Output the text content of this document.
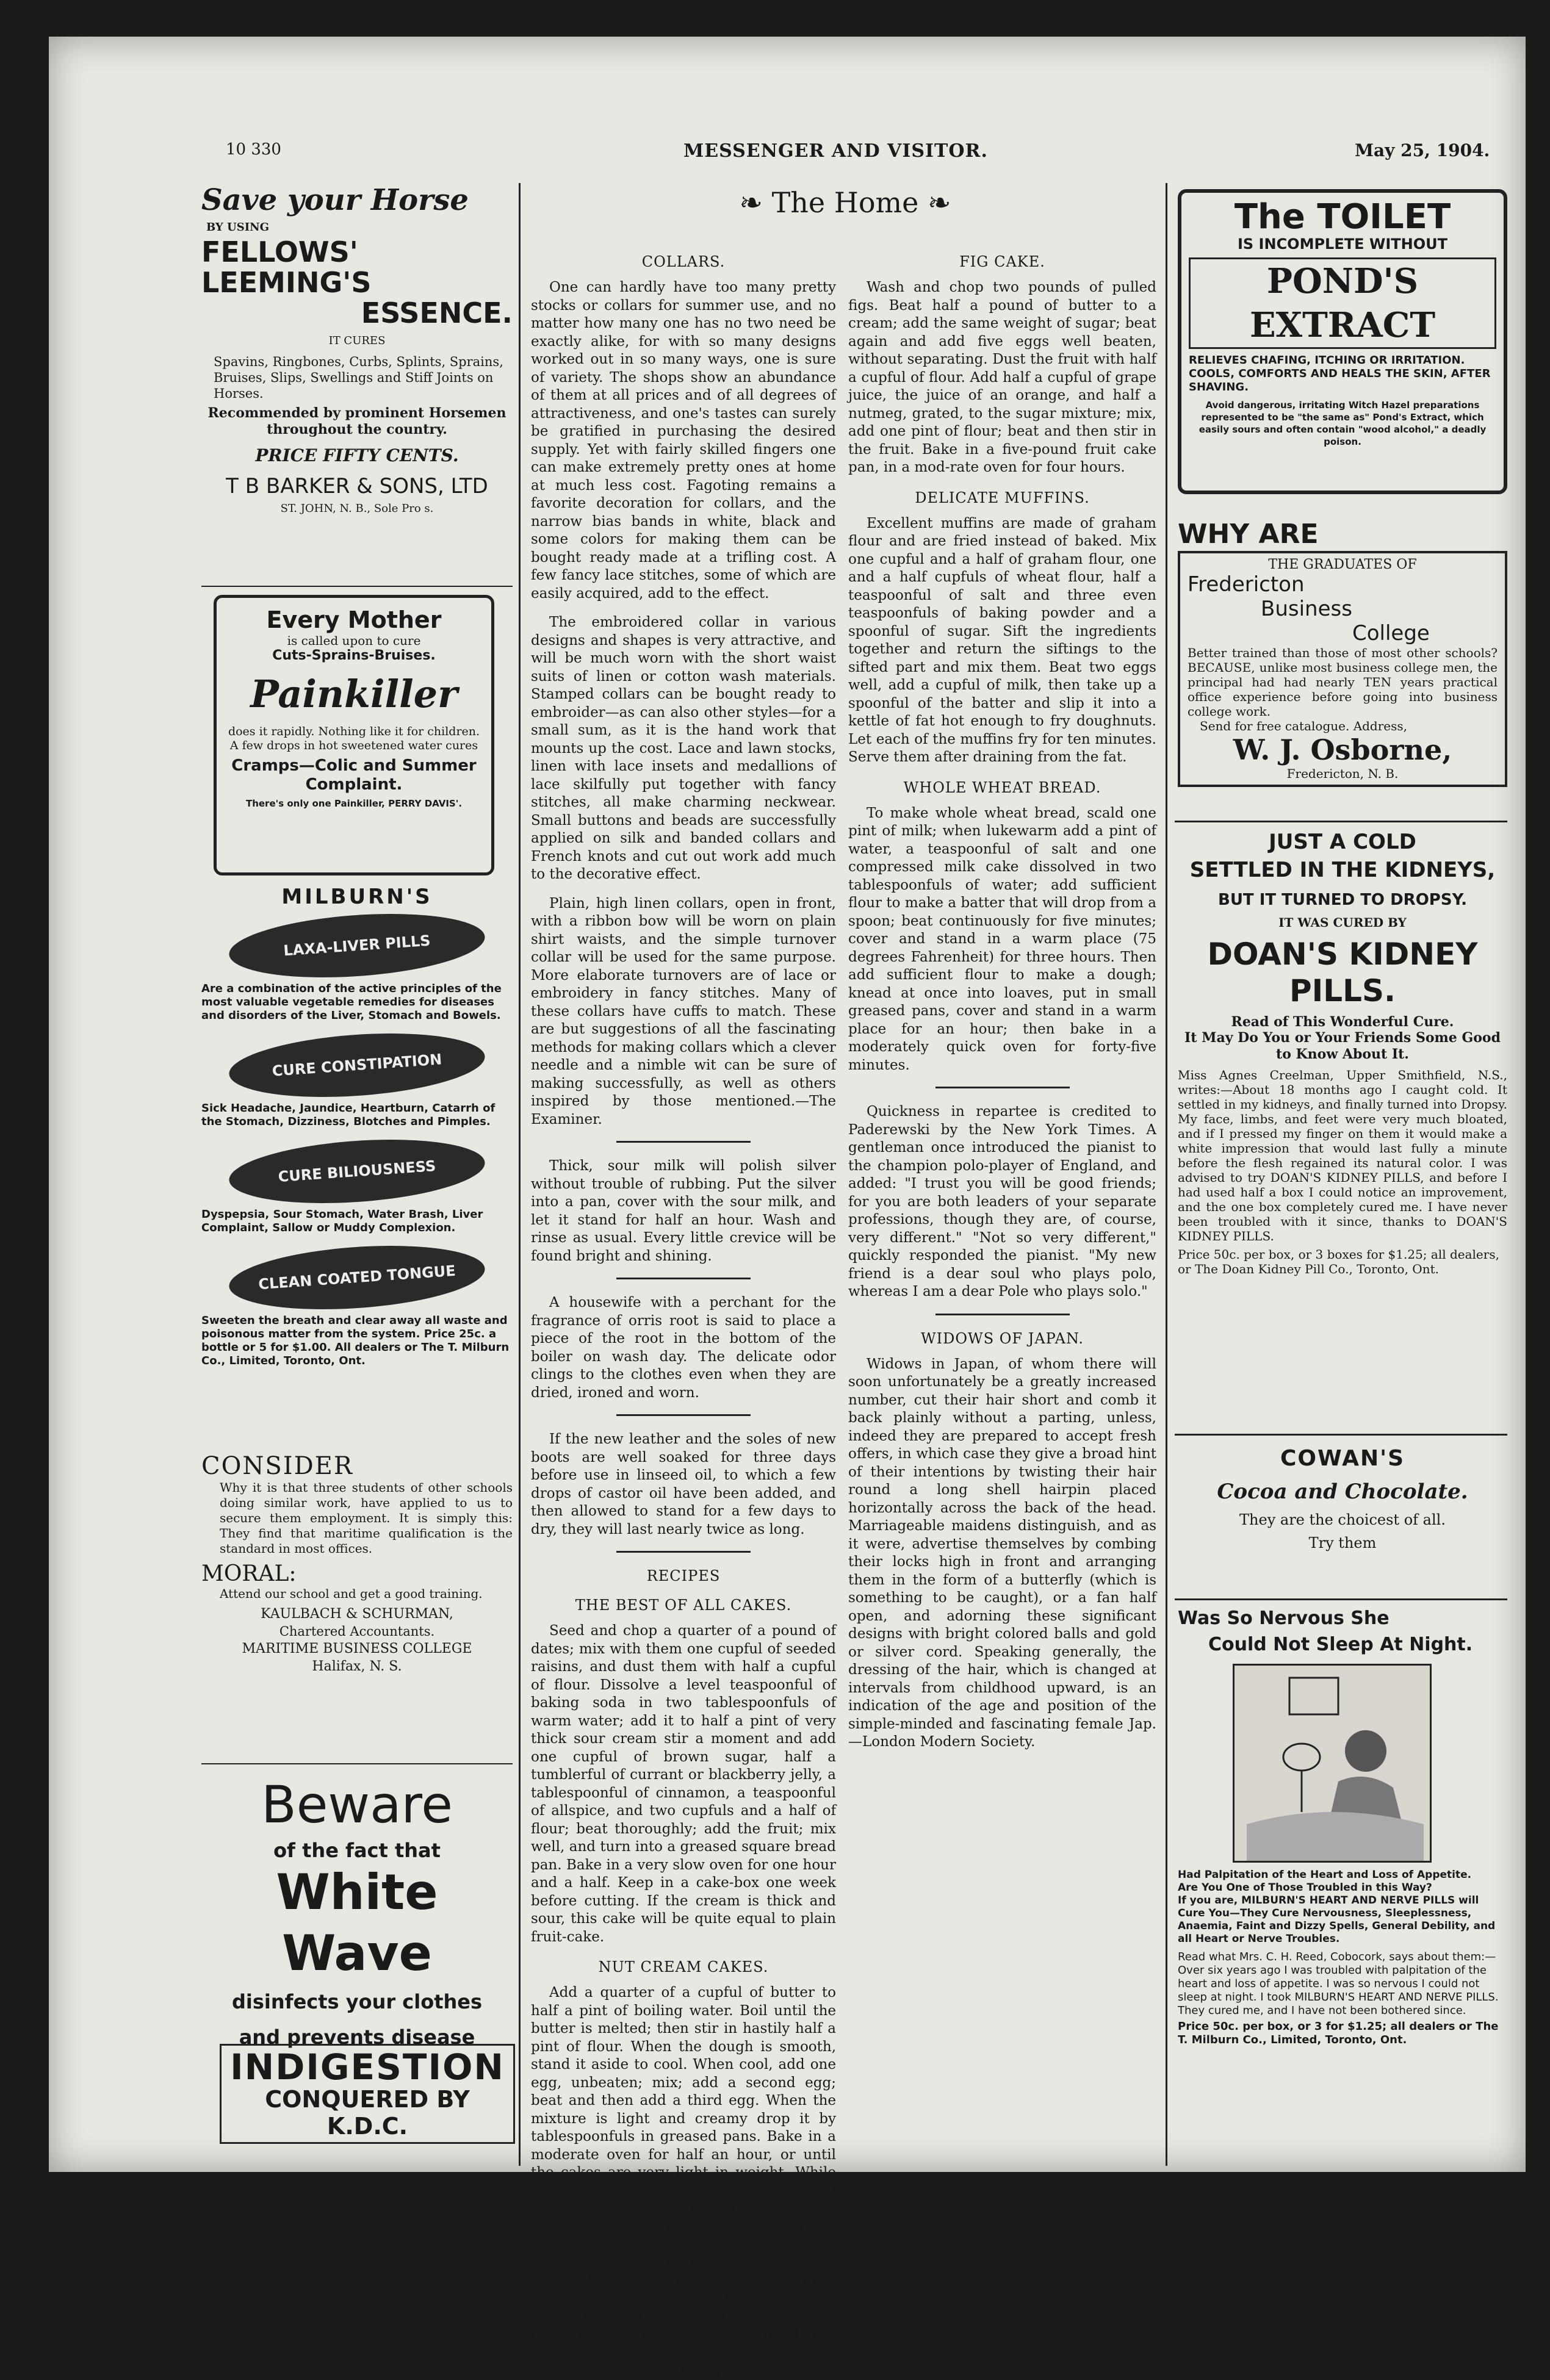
10 330	MESSENGER AND VISITOR.	May 25, 1904.
❧ The Home ❧
COLLARS.

One can hardly have too many pretty stocks or collars for summer use, and no matter how many one has no two need be exactly alike, for with so many designs worked out in so many ways, one is sure of variety. The shops show an abundance of them at all prices and of all degrees of attractiveness, and one's tastes can surely be gratified in purchasing the desired supply. Yet with fairly skilled fingers one can make extremely pretty ones at home at much less cost. Fagoting remains a favorite decoration for collars, and the narrow bias bands in white, black and some colors for making them can be bought ready made at a trifling cost. A few fancy lace stitches, some of which are easily acquired, add to the effect.

The embroidered collar in various designs and shapes is very attractive, and will be much worn with the short waist suits of linen or cotton wash materials. Stamped collars can be bought ready to embroider—as can also other styles—for a small sum, as it is the hand work that mounts up the cost. Lace and lawn stocks, linen with lace insets and medallions of lace skilfully put together with fancy stitches, all make charming neckwear. Small buttons and beads are successfully applied on silk and banded collars and French knots and cut out work add much to the decorative effect.

Plain, high linen collars, open in front, with a ribbon bow will be worn on plain shirt waists, and the simple turnover collar will be used for the same purpose. More elaborate turnovers are of lace or embroidery in fancy stitches. Many of these collars have cuffs to match. These are but suggestions of all the fascinating methods for making collars which a clever needle and a nimble wit can be sure of making successfully, as well as others inspired by those mentioned.—The Examiner.

Thick, sour milk will polish silver without trouble of rubbing. Put the silver into a pan, cover with the sour milk, and let it stand for half an hour. Wash and rinse as usual. Every little crevice will be found bright and shining.

A housewife with a perchant for the fragrance of orris root is said to place a piece of the root in the bottom of the boiler on wash day. The delicate odor clings to the clothes even when they are dried, ironed and worn.

If the new leather and the soles of new boots are well soaked for three days before use in linseed oil, to which a few drops of castor oil have been added, and then allowed to stand for a few days to dry, they will last nearly twice as long.

RECIPES
THE BEST OF ALL CAKES.

Seed and chop a quarter of a pound of dates; mix with them one cupful of seeded raisins, and dust them with half a cupful of flour. Dissolve a level teaspoonful of baking soda in two tablespoonfuls of warm water; add it to half a pint of very thick sour cream stir a moment and add one cupful of brown sugar, half a tumblerful of currant or blackberry jelly, a tablespoonful of cinnamon, a teaspoonful of allspice, and two cupfuls and a half of flour; beat thoroughly; add the fruit; mix well, and turn into a greased square bread pan. Bake in a very slow oven for one hour and a half. Keep in a cake-box one week before cutting. If the cream is thick and sour, this cake will be quite equal to plain fruit-cake.

NUT CREAM CAKES.

Add a quarter of a cupful of butter to half a pint of boiling water. Boil until the butter is melted; then stir in hastily half a pint of flour. When the dough is smooth, stand it aside to cool. When cool, add one egg, unbeaten; mix; add a second egg; beat and then add a third egg. When the mixture is light and creamy drop it by tablespoonfuls in greased pans. Bake in a moderate oven for half an hour, or until the cakes are very light in weight. While they are baking beat a quarter of a cupful of butter and half a cupful of powdered sugar until very light; add the yolk of one egg; beat, and stir in half a cupful of mixed chopped nuts. When the cakes are cool make an incision at one side and put in a teaspoonful of the nut mixture. Dust the cake with powdered sugar. These must be used the day they are filled. The cakes may be kept a day or two, but must be rewarmed before filling.

FIG CAKE.

Wash and chop two pounds of pulled figs. Beat half a pound of butter to a cream; add the same weight of sugar; beat again and add five eggs well beaten, without separating. Dust the fruit with half a cupful of flour. Add half a cupful of grape juice, the juice of an orange, and half a nutmeg, grated, to the sugar mixture; mix, add one pint of flour; beat and then stir in the fruit. Bake in a five-pound fruit cake pan, in a mod-rate oven for four hours.

DELICATE MUFFINS.

Excellent muffins are made of graham flour and are fried instead of baked. Mix one cupful and a half of graham flour, one and a half cupfuls of wheat flour, half a teaspoonful of salt and three even teaspoonfuls of baking powder and a spoonful of sugar. Sift the ingredients together and return the siftings to the sifted part and mix them. Beat two eggs well, add a cupful of milk, then take up a spoonful of the batter and slip it into a kettle of fat hot enough to fry doughnuts. Let each of the muffins fry for ten minutes. Serve them after draining from the fat.

WHOLE WHEAT BREAD.

To make whole wheat bread, scald one pint of milk; when lukewarm add a pint of water, a teaspoonful of salt and one compressed milk cake dissolved in two tablespoonfuls of water; add sufficient flour to make a batter that will drop from a spoon; beat continuously for five minutes; cover and stand in a warm place (75 degrees Fahrenheit) for three hours. Then add sufficient flour to make a dough; knead at once into loaves, put in small greased pans, cover and stand in a warm place for an hour; then bake in a moderately quick oven for forty-five minutes.

Quickness in repartee is credited to Paderewski by the New York Times. A gentleman once introduced the pianist to the champion polo-player of England, and added: "I trust you will be good friends; for you are both leaders of your separate professions, though they are, of course, very different." "Not so very different," quickly responded the pianist. "My new friend is a dear soul who plays polo, whereas I am a dear Pole who plays solo."

WIDOWS OF JAPAN.

Widows in Japan, of whom there will soon unfortunately be a greatly increased number, cut their hair short and comb it back plainly without a parting, unless, indeed they are prepared to accept fresh offers, in which case they give a broad hint of their intentions by twisting their hair round a long shell hairpin placed horizontally across the back of the head. Marriageable maidens distinguish, and as it were, advertise themselves by combing their locks high in front and arranging them in the form of a butterfly (which is something to be caught), or a fan half open, and adorning these significant designs with bright colored balls and gold or silver cord. Speaking generally, the dressing of the hair, which is changed at intervals from childhood upward, is an indication of the age and position of the simple-minded and fascinating female Jap.—London Modern Society.

Save your Horse
BY USING
FELLOWS'
LEEMING'S
ESSENCE.
IT CURES
Spavins, Ringbones, Curbs, Splints, Sprains, Bruises, Slips, Swellings and Stiff Joints on Horses.
Recommended by prominent Horsemen throughout the country.
PRICE FIFTY CENTS.
T B BARKER & SONS, LTD
ST. JOHN, N. B., Sole Pro s.
Every Mother
is called upon to cure
Cuts-Sprains-Bruises.
Painkiller
does it rapidly. Nothing like it for children. A few drops in hot sweetened water cures
Cramps—Colic and Summer Complaint.
There's only one Painkiller, PERRY DAVIS'.
MILBURN'S
LAXA-LIVER PILLS
Are a combination of the active principles of the most valuable vegetable remedies for diseases and disorders of the Liver, Stomach and Bowels.
CURE CONSTIPATION
Sick Headache, Jaundice, Heartburn, Catarrh of the Stomach, Dizziness, Blotches and Pimples.
CURE BILIOUSNESS
Dyspepsia, Sour Stomach, Water Brash, Liver Complaint, Sallow or Muddy Complexion.
CLEAN COATED TONGUE
Sweeten the breath and clear away all waste and poisonous matter from the system. Price 25c. a bottle or 5 for $1.00. All dealers or The T. Milburn Co., Limited, Toronto, Ont.
CONSIDER
Why it is that three students of other schools doing similar work, have applied to us to secure them employment. It is simply this: They find that maritime qualification is the standard in most offices.
MORAL:
Attend our school and get a good training.
KAULBACH & SCHURMAN,
Chartered Accountants.
MARITIME BUSINESS COLLEGE
Halifax, N. S.
Beware
of the fact that
White Wave
disinfects your clothes
and prevents disease
INDIGESTION
CONQUERED BY K.D.C.
The TOILET
IS INCOMPLETE WITHOUT
POND'S EXTRACT
RELIEVES CHAFING, ITCHING OR IRRITATION. COOLS, COMFORTS AND HEALS THE SKIN, AFTER SHAVING.
Avoid dangerous, irritating Witch Hazel preparations represented to be "the same as" Pond's Extract, which easily sours and often contain "wood alcohol," a deadly poison.
WHY ARE
THE GRADUATES OF
Fredericton
Business
College
Better trained than those of most other schools? BECAUSE, unlike most business college men, the principal had had nearly TEN years practical office experience before going into business college work.
Send for free catalogue. Address,
W. J. Osborne,
Fredericton, N. B.
JUST A COLD
SETTLED IN THE KIDNEYS,
BUT IT TURNED TO DROPSY.
IT WAS CURED BY
DOAN'S KIDNEY
PILLS.
Read of This Wonderful Cure.
It May Do You or Your Friends Some Good to Know About It.
Miss Agnes Creelman, Upper Smithfield, N.S., writes:—About 18 months ago I caught cold. It settled in my kidneys, and finally turned into Dropsy. My face, limbs, and feet were very much bloated, and if I pressed my finger on them it would make a white impression that would last fully a minute before the flesh regained its natural color. I was advised to try DOAN'S KIDNEY PILLS, and before I had used half a box I could notice an improvement, and the one box completely cured me. I have never been troubled with it since, thanks to DOAN'S KIDNEY PILLS.
Price 50c. per box, or 3 boxes for $1.25; all dealers, or The Doan Kidney Pill Co., Toronto, Ont.
COWAN'S
Cocoa and Chocolate.
They are the choicest of all.
Try them
Was So Nervous She
Could Not Sleep At Night.
Had Palpitation of the Heart and Loss of Appetite.
Are You One of Those Troubled in this Way?
If you are, MILBURN'S HEART AND NERVE PILLS will Cure You—They Cure Nervousness, Sleeplessness, Anaemia, Faint and Dizzy Spells, General Debility, and all Heart or Nerve Troubles.
Read what Mrs. C. H. Reed, Cobocork, says about them:—Over six years ago I was troubled with palpitation of the heart and loss of appetite. I was so nervous I could not sleep at night. I took MILBURN'S HEART AND NERVE PILLS. They cured me, and I have not been bothered since.
Price 50c. per box, or 3 for $1.25; all dealers or The T. Milburn Co., Limited, Toronto, Ont.
